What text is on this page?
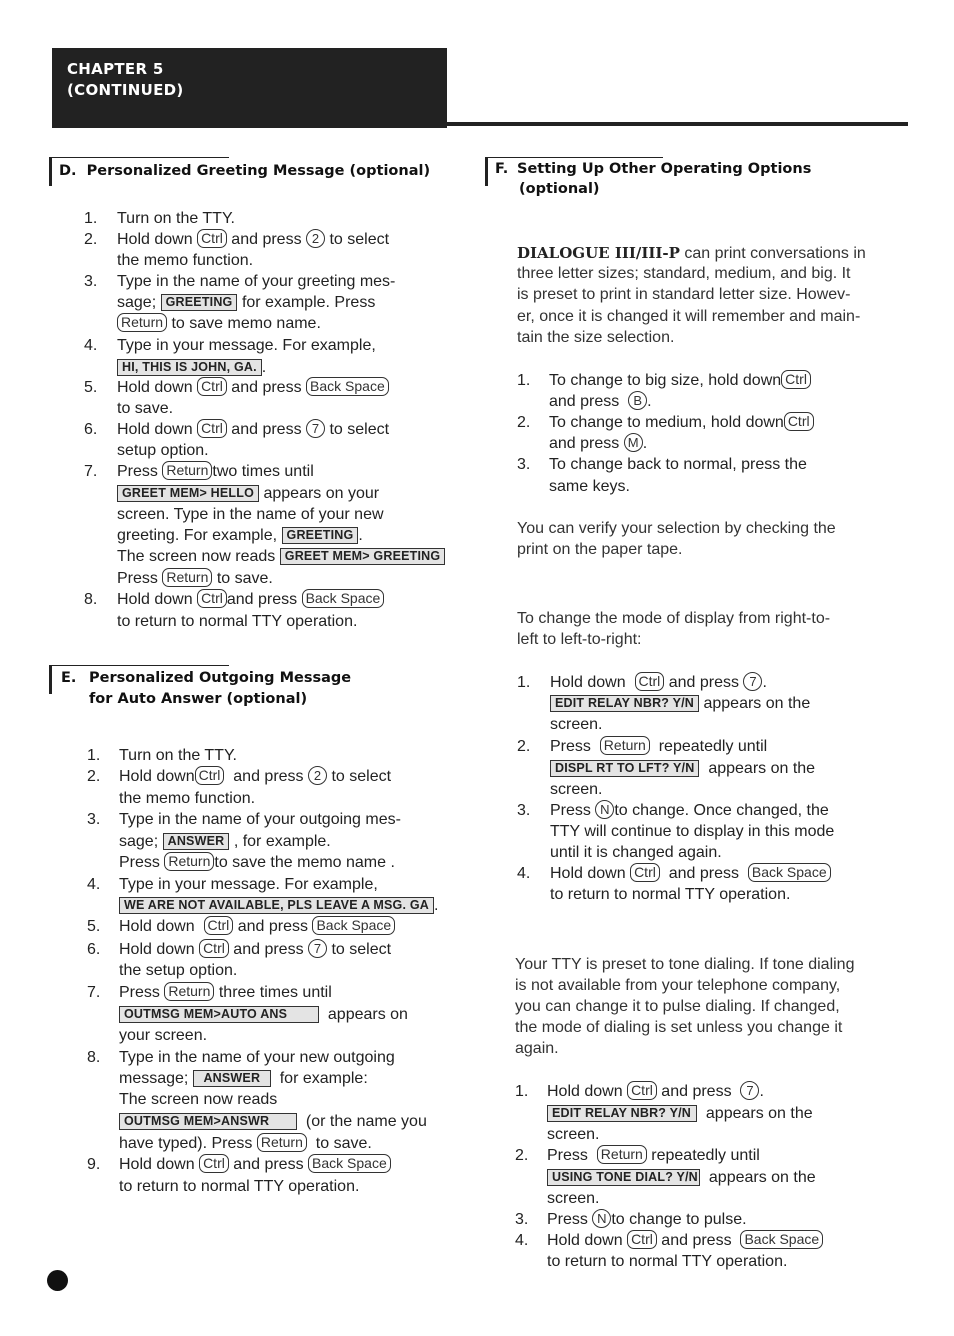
CHAPTER 5
(CONTINUED)
D. Personalized Greeting Message (optional)
1. Turn on the TTY.
2. Hold down Ctrl and press 2 to select
the memo function.
3. Type in the name of your greeting mes-
sage; GREETING for example. Press
Return to save memo name.
4. Type in your message. For example,
HI, THIS IS JOHN, GA. .
5. Hold down Ctrl and press Back Space
to save.
6. Hold down Ctrl and press 7 to select
setup option.
7. Press Return two times until
GREET MEM> HELLO appears on your
screen. Type in the name of your new
greeting. For example, GREETING .
The screen now reads GREET MEM> GREETING
Press Return to save.
8. Hold down Ctrl and press Back Space
to return to normal TTY operation.
E. Personalized Outgoing Message
for Auto Answer (optional)
1. Turn on the TTY.
2. Hold down Ctrl and press 2 to select
the memo function.
3. Type in the name of your outgoing mes-
sage; ANSWER , for example.
Press Return to save the memo name .
4. Type in your message. For example,
WE ARE NOT AVAILABLE, PLS LEAVE A MSG. GA .
5. Hold down Ctrl and press Back Space
6. Hold down Ctrl and press 7 to select
the setup option.
7. Press Return three times until
OUTMSG MEM>AUTO ANS	appears on
your screen.
8. Type in the name of your new outgoing
message; ANSWER for example:
The screen now reads
OUTMSG MEM>ANSWR (or the name you
have typed). Press Return to save.
9. Hold down Ctrl and press Back Space
to return to normal TTY operation.
F. Setting Up Other Operating Options
(optional)
DIALOGUE III/III-P can print conversations in
three letter sizes; standard, medium, and big. It
is preset to print in standard letter size. Howev-
er, once it is changed it will remember and main-
tain the size selection.
1. To change to big size, hold down Ctrl
and press B .
2. To change to medium, hold down Ctrl
and press M .
3. To change back to normal, press the
same keys.
You can verify your selection by checking the
print on the paper tape.
To change the mode of display from right-to-
left to left-to-right:
1. Hold down Ctrl and press 7 .
EDIT RELAY NBR? Y/N appears on the
screen.
2. Press Return repeatedly until
DISPL RT TO LFT? Y/N appears on the
screen.
3. Press N to change. Once changed, the
TTY will continue to display in this mode
until it is changed again.
4. Hold down Ctrl and press Back Space
to return to normal TTY operation.
Your TTY is preset to tone dialing. If tone dialing
is not available from your telephone company,
you can change it to pulse dialing. If changed,
the mode of dialing is set unless you change it
again.
1. Hold down Ctrl and press 7 .
EDIT RELAY NBR? Y/N appears on the
screen.
2. Press Return repeatedly until
USING TONE DIAL? Y/N appears on the
screen.
3. Press N to change to pulse.
4. Hold down Ctrl and press Back Space
to return to normal TTY operation.
